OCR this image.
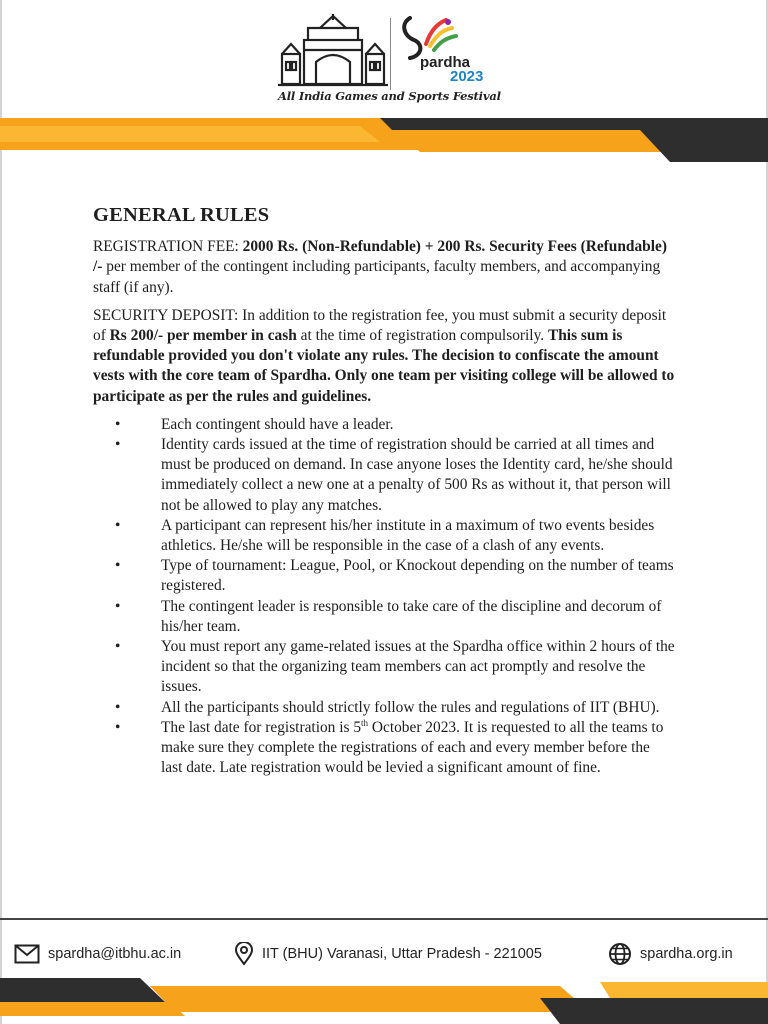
pardha
2023
All India Games and Sports Festival
GENERAL RULES

REGISTRATION FEE: 2000 Rs. (Non-Refundable) + 200 Rs. Security Fees (Refundable) /- per member of the contingent including participants, faculty members, and accompanying staff (if any).

SECURITY DEPOSIT: In addition to the registration fee, you must submit a security deposit of Rs 200/- per member in cash at the time of registration compulsorily. This sum is refundable provided you don't violate any rules. The decision to confiscate the amount vests with the core team of Spardha. Only one team per visiting college will be allowed to participate as per the rules and guidelines.

•	Each contingent should have a leader.
•	Identity cards issued at the time of registration should be carried at all times and must be produced on demand. In case anyone loses the Identity card, he/she should immediately collect a new one at a penalty of 500 Rs as without it, that person will not be allowed to play any matches.
•	A participant can represent his/her institute in a maximum of two events besides athletics. He/she will be responsible in the case of a clash of any events.
•	Type of tournament: League, Pool, or Knockout depending on the number of teams registered.
•	The contingent leader is responsible to take care of the discipline and decorum of his/her team.
•	You must report any game-related issues at the Spardha office within 2 hours of the incident so that the organizing team members can act promptly and resolve the issues.
•	All the participants should strictly follow the rules and regulations of IIT (BHU).
•	The last date for registration is 5th October 2023. It is requested to all the teams to make sure they complete the registrations of each and every member before the last date. Late registration would be levied a significant amount of fine.
spardha@itbhu.ac.in	IIT (BHU) Varanasi, Uttar Pradesh - 221005	spardha.org.in
